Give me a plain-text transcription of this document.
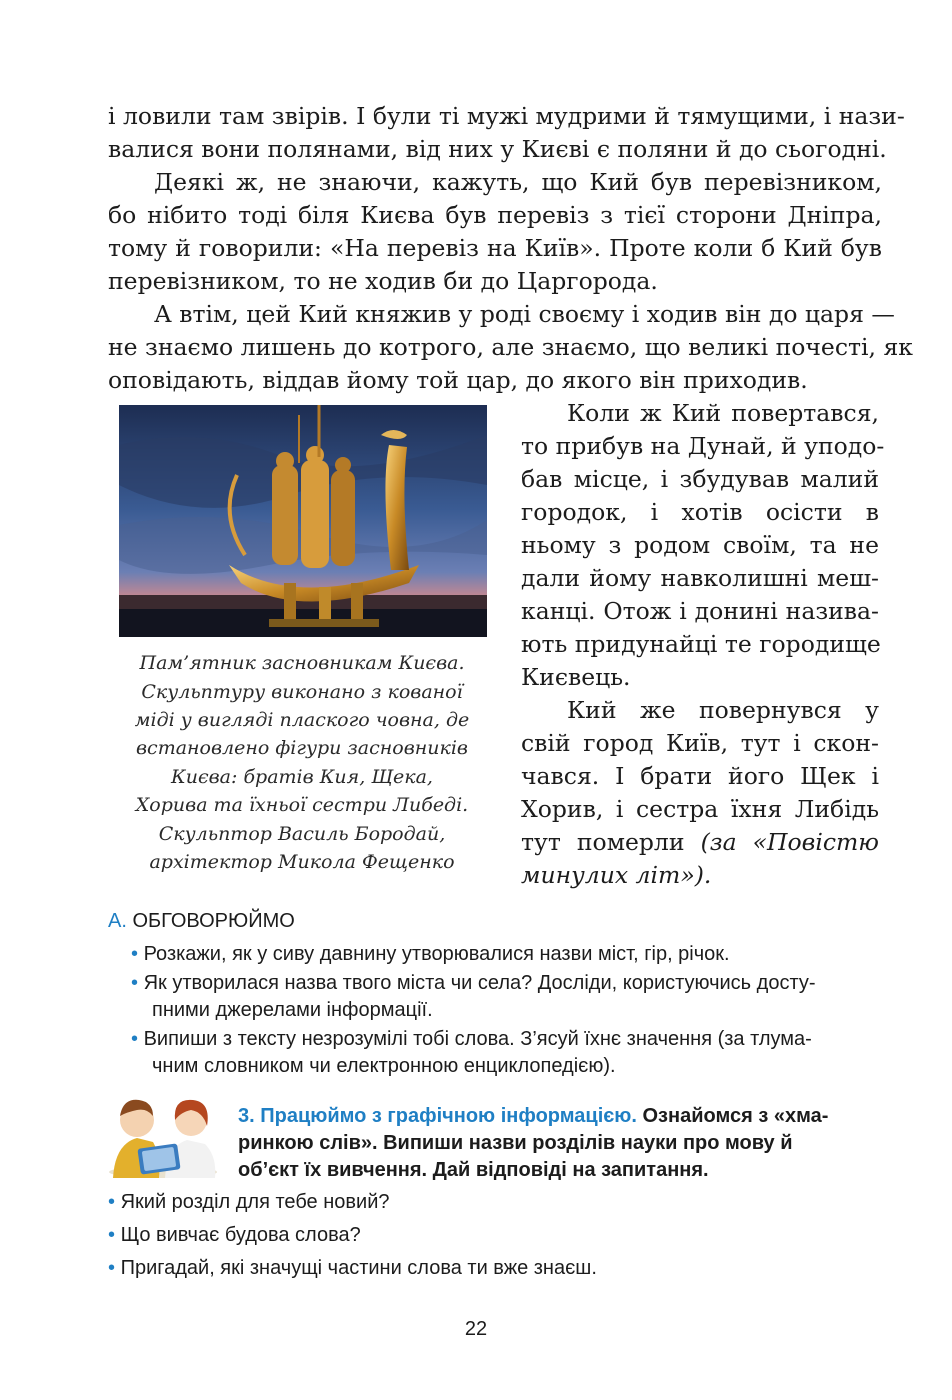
і ловили там звірів. І були ті мужі мудрими й тямущими, і нази-
валися вони полянами, від них у Києві є поляни й до сьогодні.
Деякі ж, не знаючи, кажуть, що Кий був перевізником,
бо нібито тоді біля Києва був перевіз з тієї сторони Дніпра,
тому й говорили: «На перевіз на Київ». Проте коли б Кий був
перевізником, то не ходив би до Царгорода.
А втім, цей Кий княжив у роді своєму і ходив він до царя —
не знаємо лишень до котрого, але знаємо, що великі почесті, як
оповідають, віддав йому той цар, до якого він приходив.
Пам’ятник засновникам Києва.
Скульптуру виконано з кованої
міді у вигляді плаского човна, де
встановлено фігури засновників
Києва: братів Кия, Щека,
Хорива та їхньої сестри Либеді.
Скульптор Василь Бородай,
архітектор Микола Фещенко
Коли ж Кий повертався,
то прибув на Дунай, й уподо-
бав місце, і збудував малий
городок, і хотів осісти в
ньому з родом своїм, та не
дали йому навколишні меш-
канці. Отож і донині назива-
ють придунайці те городище
Києвець.
Кий же повернувся у
свій город Київ, тут і скон-
чався. І брати його Щек і
Хорив, і сестра їхня Либідь
тут померли (за «Повістю
минулих літ»).
А. ОБГОВОРЮЙМО
• Розкажи, як у сиву давнину утворювалися назви міст, гір, річок.
• Як утворилася назва твого міста чи села? Досліди, користуючись досту-
пними джерелами інформації.
• Випиши з тексту незрозумілі тобі слова. З’ясуй їхнє значення (за тлума-
чним словником чи електронною енциклопедією).
3. Працюймо з графічною інформацією. Ознайомся з «хма-
ринкою слів». Випиши назви розділів науки про мову й
об’єкт їх вивчення. Дай відповіді на запитання.
• Який розділ для тебе новий?
• Що вивчає будова слова?
• Пригадай, які значущі частини слова ти вже знаєш.
22
